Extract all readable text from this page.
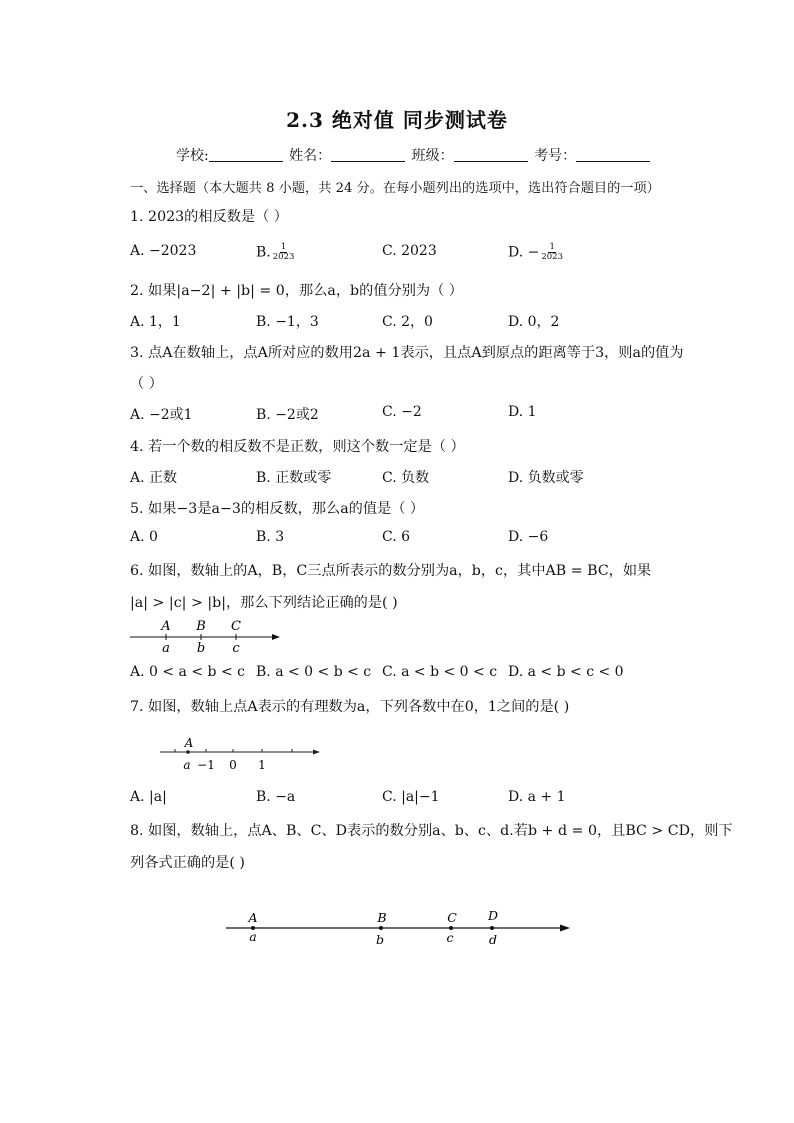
2.3 绝对值 同步测试卷
学校:	姓名：	班级：	考号：
一、选择题（本大题共 8 小题，共 24 分。在每小题列出的选项中，选出符合题目的一项）
1. 2023的相反数是（ ）
A. −2023	B. $\frac{1}{2023}$	C. 2023	D. − $\frac{1}{2023}$
2. 如果|a−2| + |b| = 0，那么a，b的值分别为（ ）
A. 1，1	B. −1，3	C. 2，0	D. 0，2
3. 点A在数轴上，点A所对应的数用2a + 1表示，且点A到原点的距离等于3，则a的值为
（ ）
A. −2或1	B. −2或2	C. −2	D. 1
4. 若一个数的相反数不是正数，则这个数一定是（ ）
A. 正数	B. 正数或零	C. 负数	D. 负数或零
5. 如果−3是a−3的相反数，那么a的值是（ ）
A. 0	B. 3	C. 6	D. −6
6. 如图，数轴上的A，B，C三点所表示的数分别为a，b，c，其中AB = BC，如果
|a| > |c| > |b|，那么下列结论正确的是( )
A B C
a b c
A. 0 < a < b < c B. a < 0 < b < c C. a < b < 0 < c D. a < b < c < 0
7. 如图，数轴上点A表示的有理数为a，下列各数中在0，1之间的是( )
A
a −1 0 1
A. |a|	B. −a	C. |a|−1	D. a + 1
8. 如图，数轴上，点A、B、C、D表示的数分别a、b、c、d.若b + d = 0，且BC > CD，则下
列各式正确的是( )
A	B	C D
a	b	c	d
